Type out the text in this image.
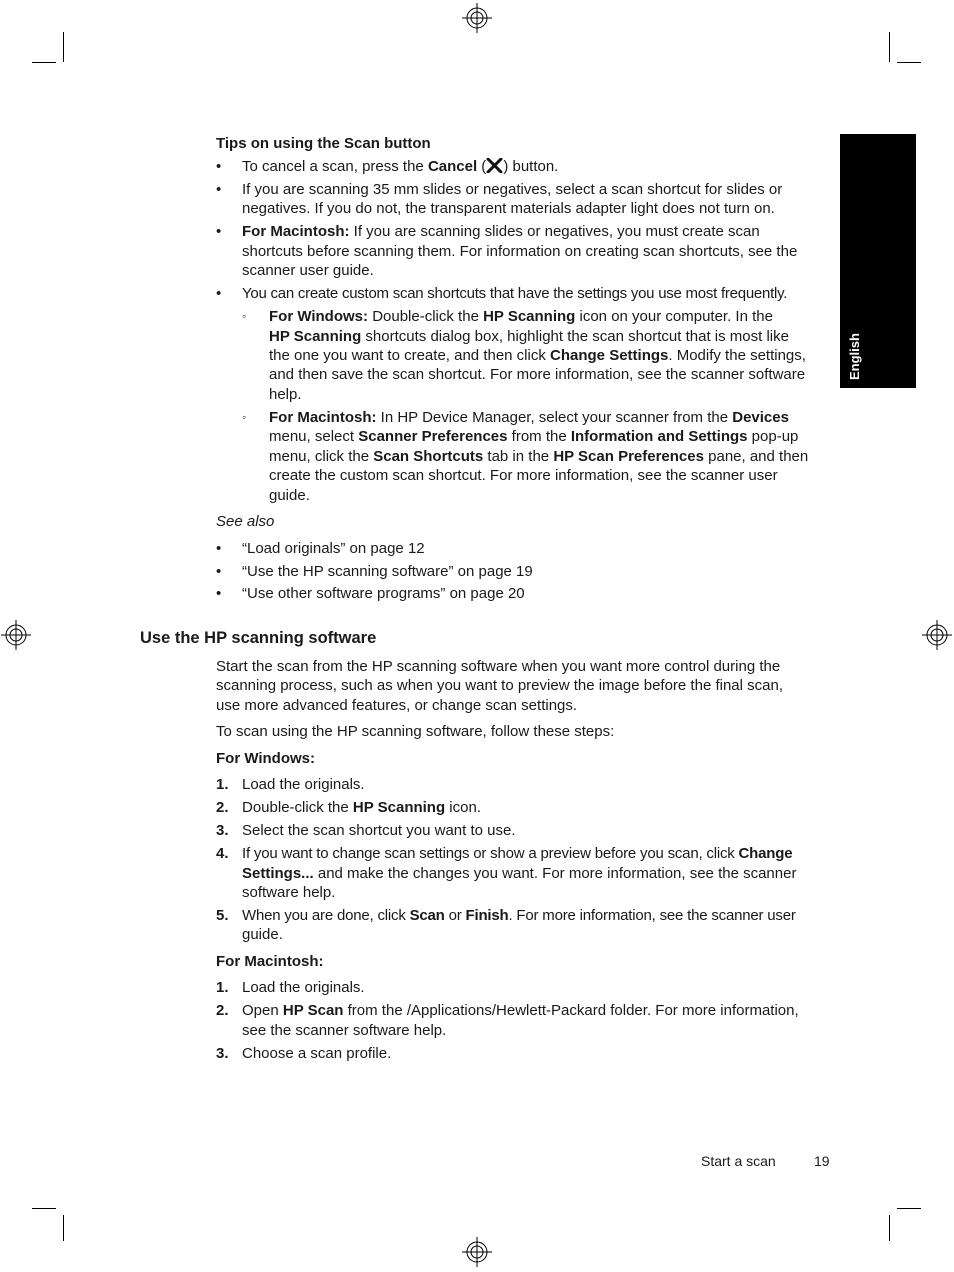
English
Tips on using the Scan button
•	To cancel a scan, press the Cancel ( ) button.
•	If you are scanning 35 mm slides or negatives, select a scan shortcut for slides or
negatives. If you do not, the transparent materials adapter light does not turn on.
•	For Macintosh: If you are scanning slides or negatives, you must create scan
shortcuts before scanning them. For information on creating scan shortcuts, see the
scanner user guide.
•	You can create custom scan shortcuts that have the settings you use most frequently.
◦	For Windows: Double-click the HP Scanning icon on your computer. In the
HP Scanning shortcuts dialog box, highlight the scan shortcut that is most like
the one you want to create, and then click Change Settings. Modify the settings,
and then save the scan shortcut. For more information, see the scanner software
help.
◦	For Macintosh: In HP Device Manager, select your scanner from the Devices
menu, select Scanner Preferences from the Information and Settings pop-up
menu, click the Scan Shortcuts tab in the HP Scan Preferences pane, and then
create the custom scan shortcut. For more information, see the scanner user
guide.
See also
•	“Load originals” on page 12
•	“Use the HP scanning software” on page 19
•	“Use other software programs” on page 20
Use the HP scanning software
Start the scan from the HP scanning software when you want more control during the
scanning process, such as when you want to preview the image before the final scan,
use more advanced features, or change scan settings.
To scan using the HP scanning software, follow these steps:
For Windows:
1. Load the originals.
2. Double-click the HP Scanning icon.
3. Select the scan shortcut you want to use.
4. If you want to change scan settings or show a preview before you scan, click Change
Settings... and make the changes you want. For more information, see the scanner
software help.
5. When you are done, click Scan or Finish. For more information, see the scanner user
guide.
For Macintosh:
1. Load the originals.
2. Open HP Scan from the /Applications/Hewlett-Packard folder. For more information,
see the scanner software help.
3. Choose a scan profile.
Start a scan	19
